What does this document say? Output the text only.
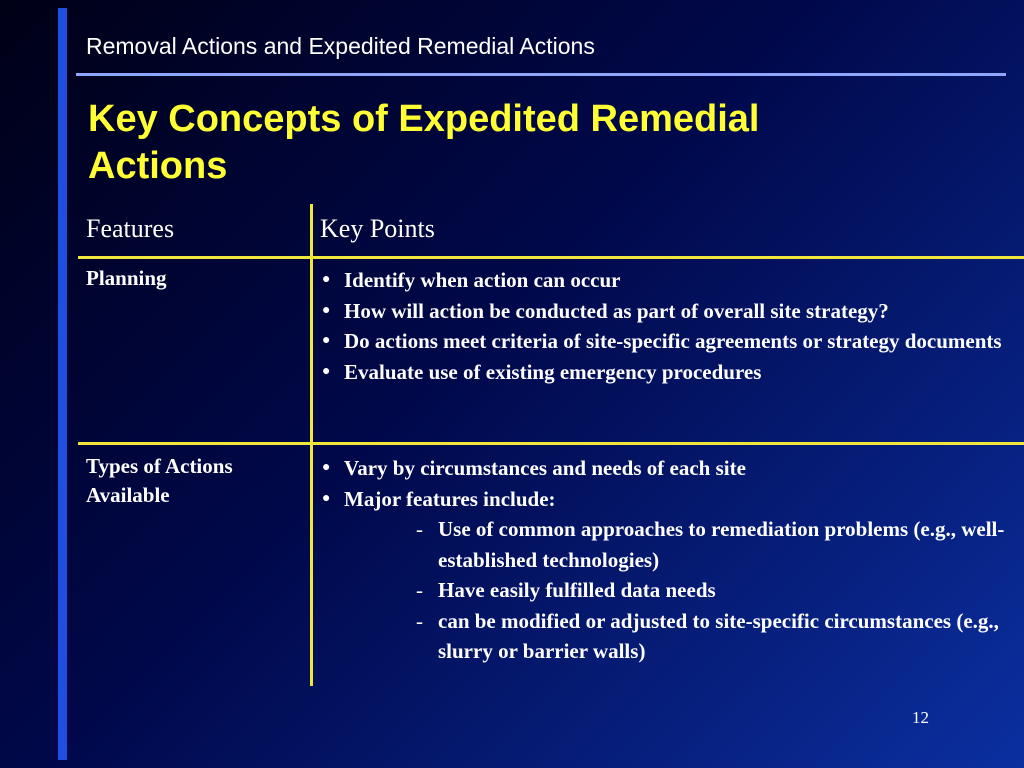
Removal Actions and Expedited Remedial Actions
Key Concepts of Expedited Remedial Actions
Features	Key Points
Planning	● Identify when action can occur
● How will action be conducted as part of overall site strategy?
● Do actions meet criteria of site-specific agreements or strategy documents
● Evaluate use of existing emergency procedures
Types of Actions Available
● Vary by circumstances and needs of each site
● Major features include:
- Use of common approaches to remediation problems (e.g., well-established technologies)
- Have easily fulfilled data needs
- can be modified or adjusted to site-specific circumstances (e.g., slurry or barrier walls)
12
